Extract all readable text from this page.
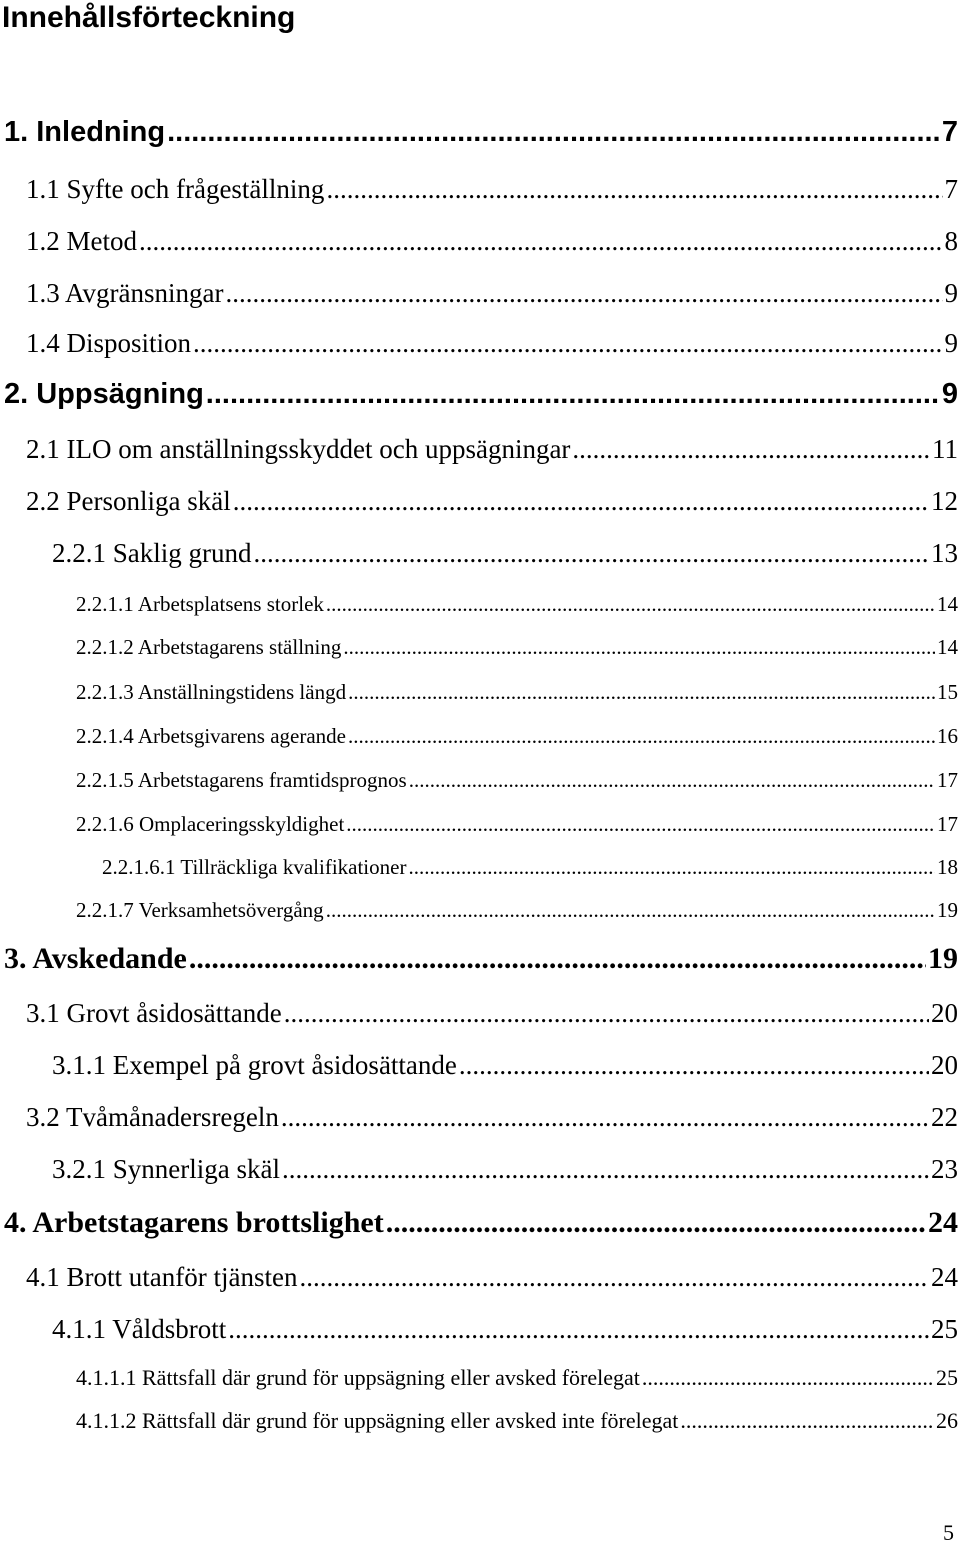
Innehållsförteckning
1. Inledning .....	7
1.1 Syfte och frågeställning .....	7
1.2 Metod .....	8
1.3 Avgränsningar .....	9
1.4 Disposition .....	9
2. Uppsägning .....	9
2.1 ILO om anställningsskyddet och uppsägningar .....	11
2.2 Personliga skäl .....	12
2.2.1 Saklig grund .....	13
2.2.1.1 Arbetsplatsens storlek .....	14
2.2.1.2 Arbetstagarens ställning .....	14
2.2.1.3 Anställningstidens längd .....	15
2.2.1.4 Arbetsgivarens agerande .....	16
2.2.1.5 Arbetstagarens framtidsprognos .....	17
2.2.1.6 Omplaceringsskyldighet .....	17
2.2.1.6.1 Tillräckliga kvalifikationer .....	18
2.2.1.7 Verksamhetsövergång .....	19
3. Avskedande .....	19
3.1 Grovt åsidosättande .....	20
3.1.1 Exempel på grovt åsidosättande .....	20
3.2 Tvåmånadersregeln .....	22
3.2.1 Synnerliga skäl .....	23
4. Arbetstagarens brottslighet .....	24
4.1 Brott utanför tjänsten .....	24
4.1.1 Våldsbrott .....	25
4.1.1.1 Rättsfall där grund för uppsägning eller avsked förelegat .....	25
4.1.1.2 Rättsfall där grund för uppsägning eller avsked inte förelegat .....	26
5
